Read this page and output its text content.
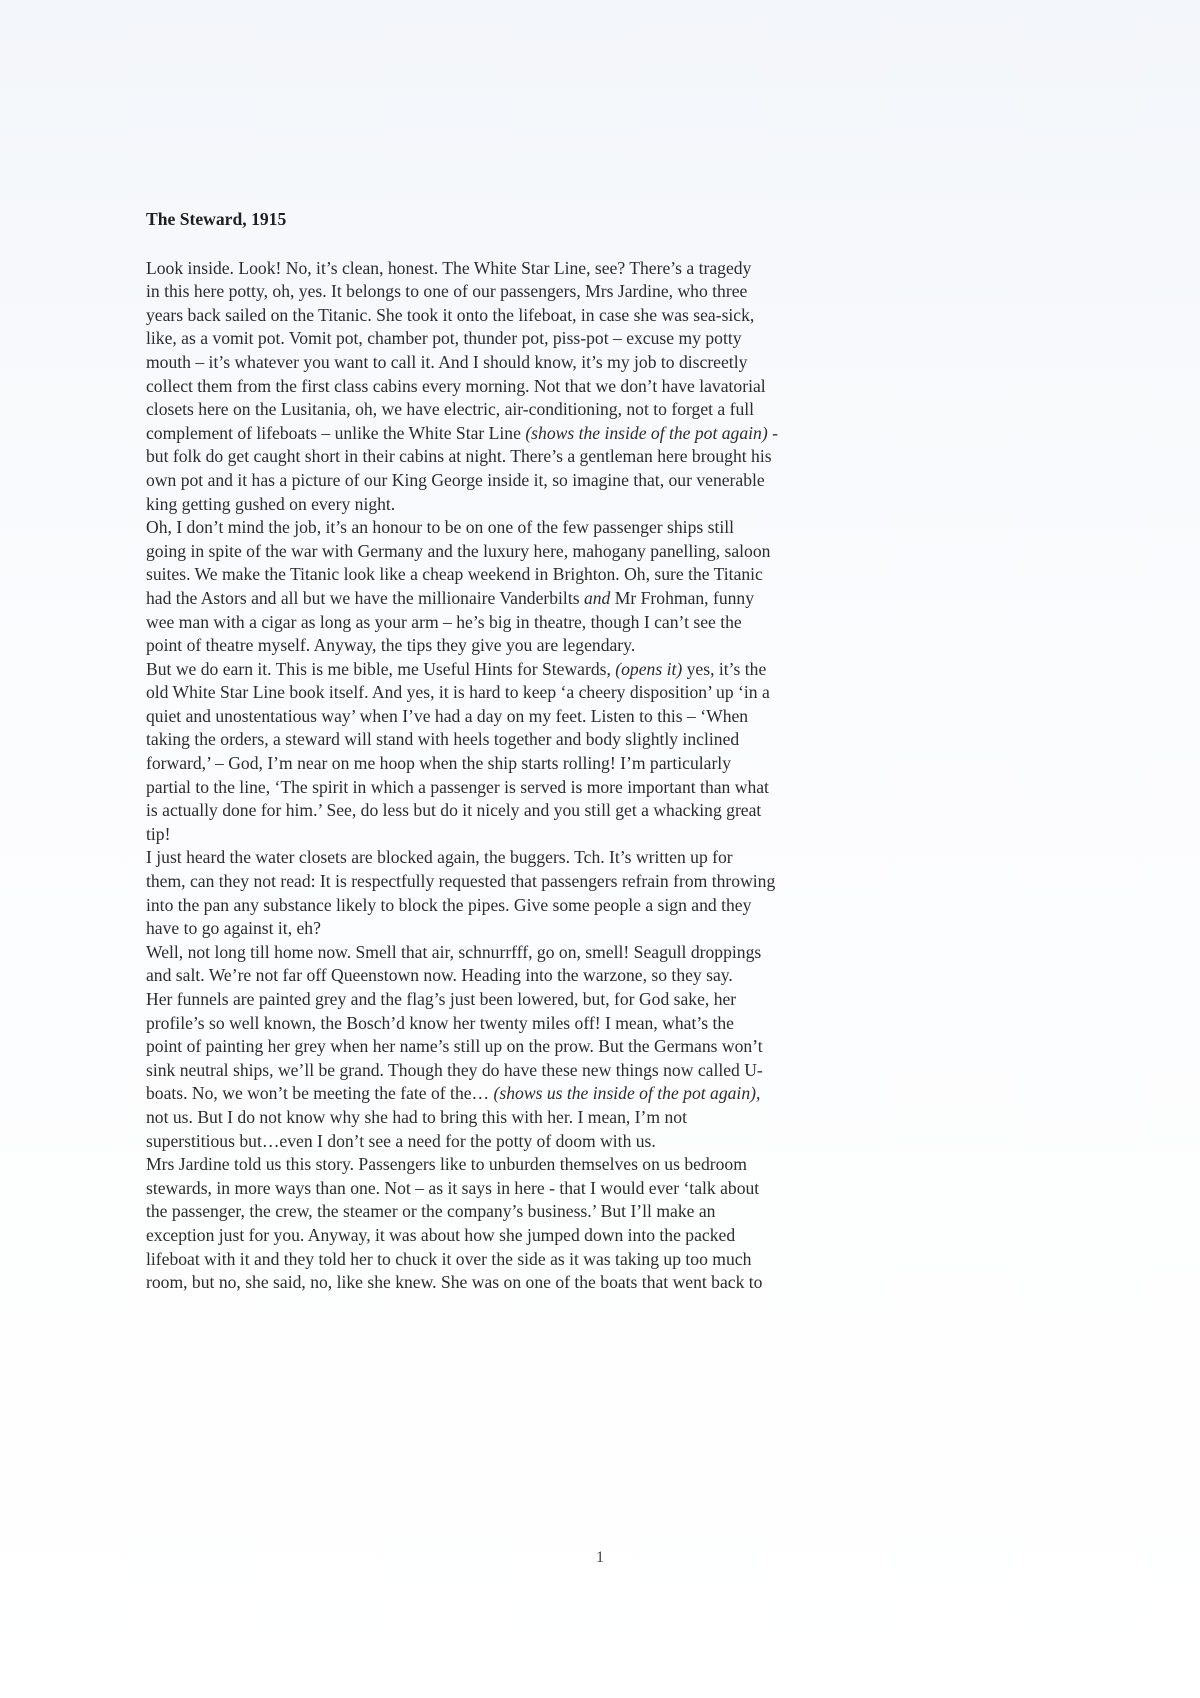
The Steward, 1915

Look inside. Look! No, it’s clean, honest. The White Star Line, see? There’s a tragedy
in this here potty, oh, yes. It belongs to one of our passengers, Mrs Jardine, who three
years back sailed on the Titanic. She took it onto the lifeboat, in case she was sea-sick,
like, as a vomit pot. Vomit pot, chamber pot, thunder pot, piss-pot – excuse my potty
mouth – it’s whatever you want to call it. And I should know, it’s my job to discreetly
collect them from the first class cabins every morning. Not that we don’t have lavatorial
closets here on the Lusitania, oh, we have electric, air-conditioning, not to forget a full
complement of lifeboats – unlike the White Star Line (shows the inside of the pot again) -
but folk do get caught short in their cabins at night. There’s a gentleman here brought his
own pot and it has a picture of our King George inside it, so imagine that, our venerable
king getting gushed on every night.

Oh, I don’t mind the job, it’s an honour to be on one of the few passenger ships still
going in spite of the war with Germany and the luxury here, mahogany panelling, saloon
suites. We make the Titanic look like a cheap weekend in Brighton. Oh, sure the Titanic
had the Astors and all but we have the millionaire Vanderbilts and Mr Frohman, funny
wee man with a cigar as long as your arm – he’s big in theatre, though I can’t see the
point of theatre myself. Anyway, the tips they give you are legendary.

But we do earn it. This is me bible, me Useful Hints for Stewards, (opens it) yes, it’s the
old White Star Line book itself. And yes, it is hard to keep ‘a cheery disposition’ up ‘in a
quiet and unostentatious way’ when I’ve had a day on my feet. Listen to this – ‘When
taking the orders, a steward will stand with heels together and body slightly inclined
forward,’ – God, I’m near on me hoop when the ship starts rolling! I’m particularly
partial to the line, ‘The spirit in which a passenger is served is more important than what
is actually done for him.’ See, do less but do it nicely and you still get a whacking great
tip!

I just heard the water closets are blocked again, the buggers. Tch. It’s written up for
them, can they not read: It is respectfully requested that passengers refrain from throwing
into the pan any substance likely to block the pipes. Give some people a sign and they
have to go against it, eh?

Well, not long till home now. Smell that air, schnurrfff, go on, smell! Seagull droppings
and salt. We’re not far off Queenstown now. Heading into the warzone, so they say.
Her funnels are painted grey and the flag’s just been lowered, but, for God sake, her
profile’s so well known, the Bosch’d know her twenty miles off! I mean, what’s the
point of painting her grey when her name’s still up on the prow. But the Germans won’t
sink neutral ships, we’ll be grand. Though they do have these new things now called U-
boats. No, we won’t be meeting the fate of the… (shows us the inside of the pot again),
not us. But I do not know why she had to bring this with her. I mean, I’m not
superstitious but…even I don’t see a need for the potty of doom with us.

Mrs Jardine told us this story. Passengers like to unburden themselves on us bedroom
stewards, in more ways than one. Not – as it says in here - that I would ever ‘talk about
the passenger, the crew, the steamer or the company’s business.’ But I’ll make an
exception just for you. Anyway, it was about how she jumped down into the packed
lifeboat with it and they told her to chuck it over the side as it was taking up too much
room, but no, she said, no, like she knew. She was on one of the boats that went back to

1
